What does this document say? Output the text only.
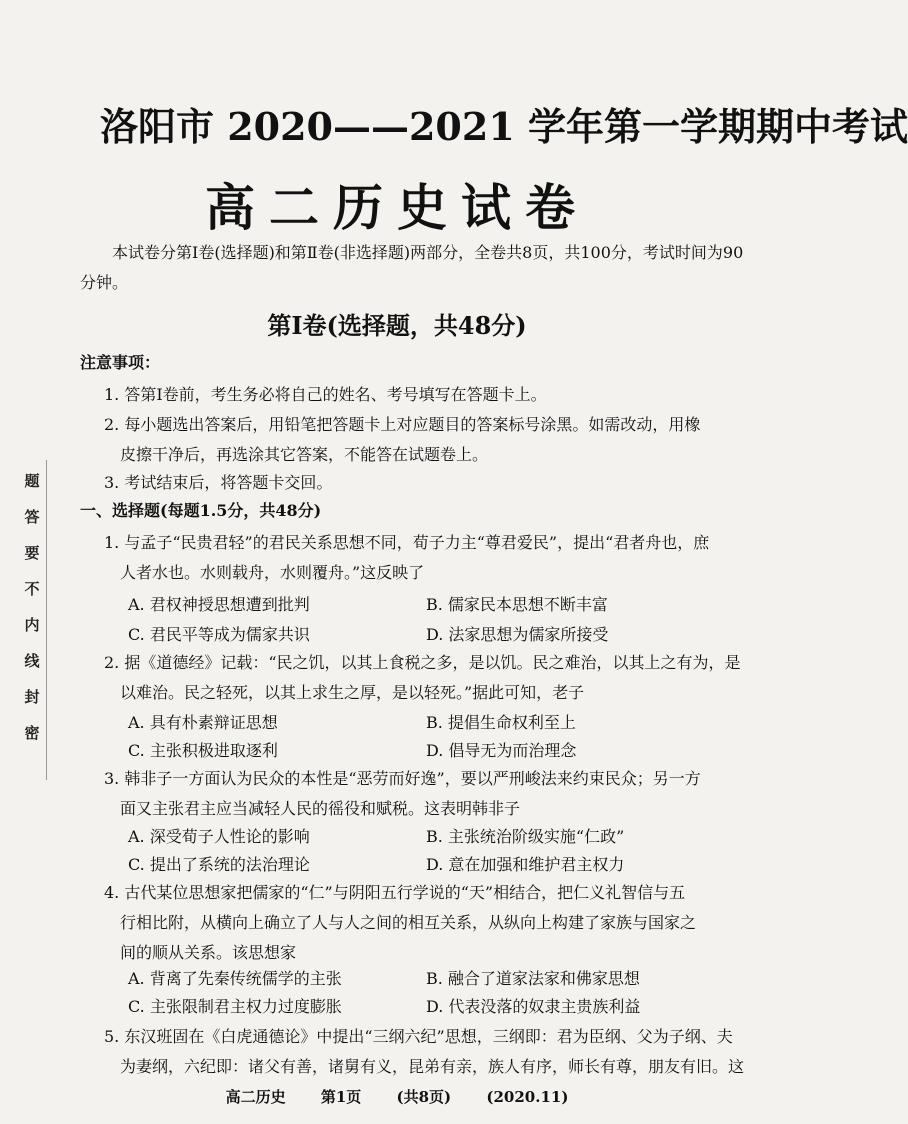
洛阳市 2020——2021 学年第一学期期中考试
高二历史试卷
本试卷分第Ⅰ卷(选择题)和第Ⅱ卷(非选择题)两部分，全卷共8页，共100分，考试时间为90分钟。
第Ⅰ卷(选择题，共48分)
注意事项：
1. 答第Ⅰ卷前，考生务必将自己的姓名、考号填写在答题卡上。
2. 每小题选出答案后，用铅笔把答题卡上对应题目的答案标号涂黑。如需改动，用橡
皮擦干净后，再选涂其它答案，不能答在试题卷上。
3. 考试结束后，将答题卡交回。
一、选择题(每题1.5分，共48分)
1. 与孟子“民贵君轻”的君民关系思想不同，荀子力主“尊君爱民”，提出“君者舟也，庶
人者水也。水则载舟，水则覆舟。”这反映了
A. 君权神授思想遭到批判	B. 儒家民本思想不断丰富
C. 君民平等成为儒家共识	D. 法家思想为儒家所接受
2. 据《道德经》记载：“民之饥，以其上食税之多，是以饥。民之难治，以其上之有为，是
以难治。民之轻死，以其上求生之厚，是以轻死。”据此可知，老子
A. 具有朴素辩证思想	B. 提倡生命权利至上
C. 主张积极进取逐利	D. 倡导无为而治理念
3. 韩非子一方面认为民众的本性是“恶劳而好逸”，要以严刑峻法来约束民众；另一方
面又主张君主应当减轻人民的徭役和赋税。这表明韩非子
A. 深受荀子人性论的影响	B. 主张统治阶级实施“仁政”
C. 提出了系统的法治理论	D. 意在加强和维护君主权力
4. 古代某位思想家把儒家的“仁”与阴阳五行学说的“天”相结合，把仁义礼智信与五
行相比附，从横向上确立了人与人之间的相互关系，从纵向上构建了家族与国家之
间的顺从关系。该思想家
A. 背离了先秦传统儒学的主张	B. 融合了道家法家和佛家思想
C. 主张限制君主权力过度膨胀	D. 代表没落的奴隶主贵族利益
5. 东汉班固在《白虎通德论》中提出“三纲六纪”思想，三纲即：君为臣纲、父为子纲、夫
为妻纲，六纪即：诸父有善，诸舅有义，昆弟有亲，族人有序，师长有尊，朋友有旧。这
题
答
要
不
内
线
封
密
高二历史 第1页 (共8页) (2020.11)
